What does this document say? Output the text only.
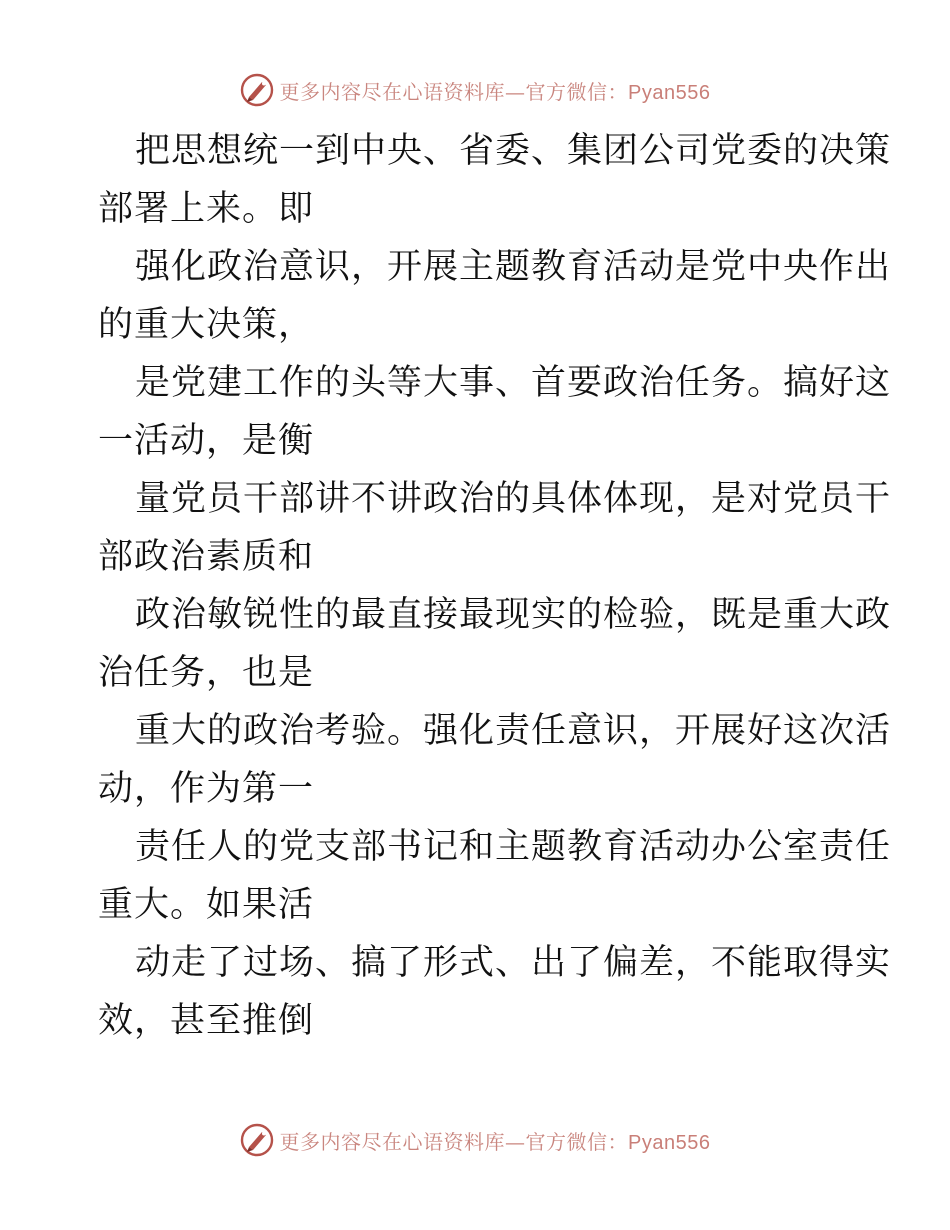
更多内容尽在心语资料库—官方微信：Pyan556
把思想统一到中央、省委、集团公司党委的决策
部署上来。即
强化政治意识，开展主题教育活动是党中央作出
的重大决策，
是党建工作的头等大事、首要政治任务。搞好这
一活动，是衡
量党员干部讲不讲政治的具体体现，是对党员干
部政治素质和
政治敏锐性的最直接最现实的检验，既是重大政
治任务，也是
重大的政治考验。强化责任意识，开展好这次活
动，作为第一
责任人的党支部书记和主题教育活动办公室责任
重大。如果活
动走了过场、搞了形式、出了偏差，不能取得实
效，甚至推倒
更多内容尽在心语资料库—官方微信：Pyan556
